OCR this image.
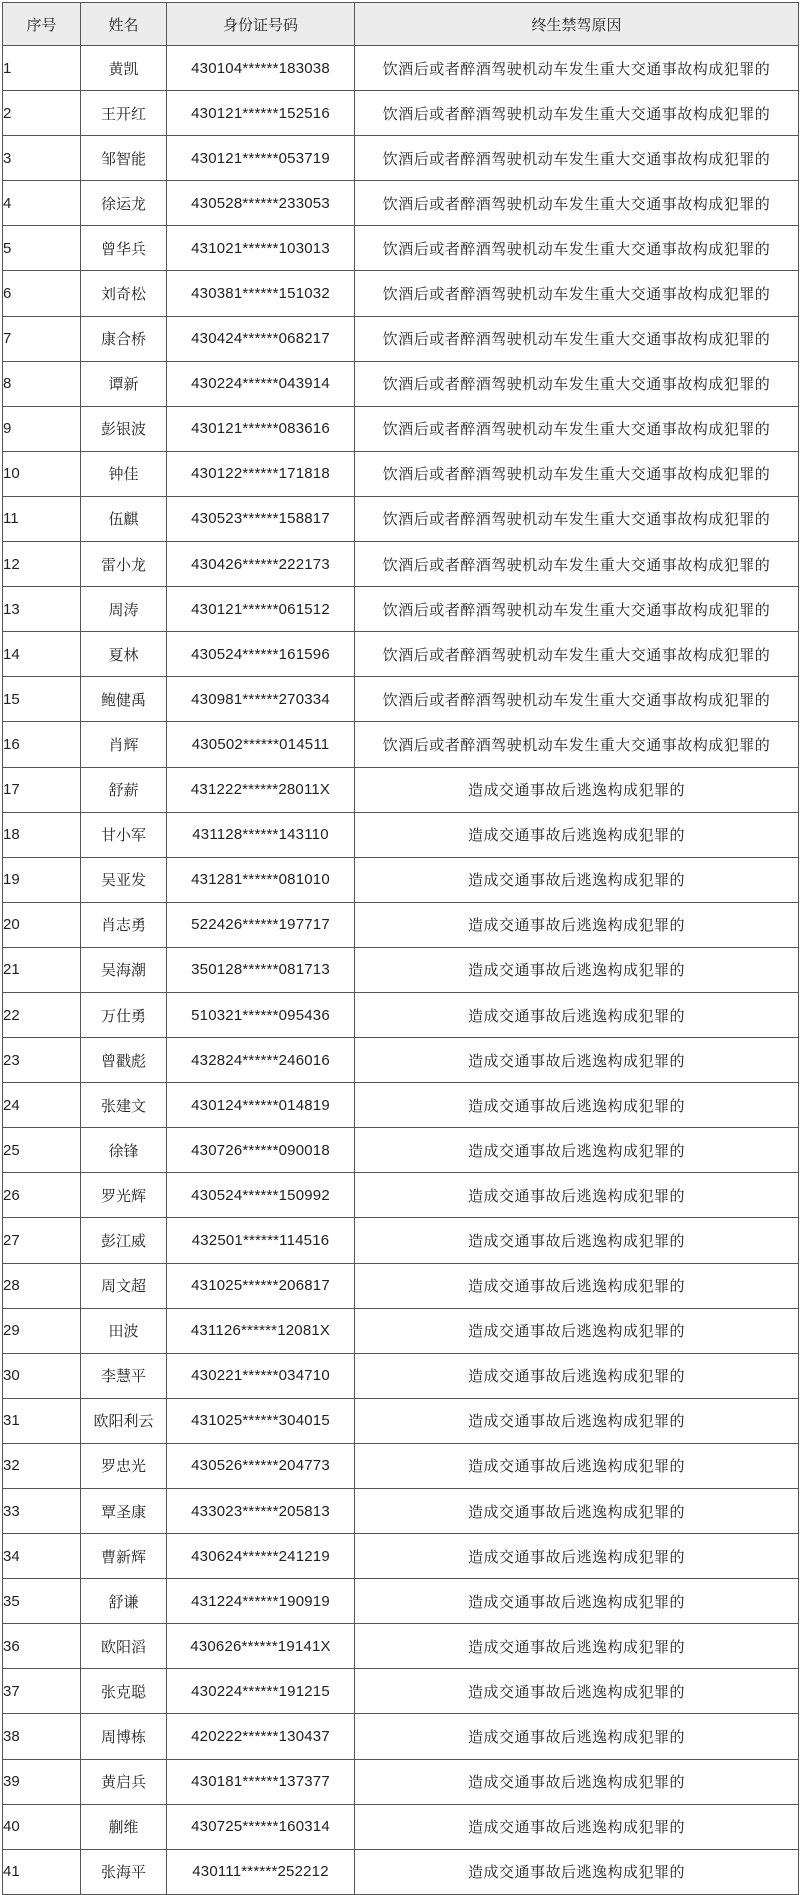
序号	姓名	身份证号码	终生禁驾原因
1	黄凯	430104******183038	饮酒后或者醉酒驾驶机动车发生重大交通事故构成犯罪的
2	王开红	430121******152516	饮酒后或者醉酒驾驶机动车发生重大交通事故构成犯罪的
3	邹智能	430121******053719	饮酒后或者醉酒驾驶机动车发生重大交通事故构成犯罪的
4	徐运龙	430528******233053	饮酒后或者醉酒驾驶机动车发生重大交通事故构成犯罪的
5	曾华兵	431021******103013	饮酒后或者醉酒驾驶机动车发生重大交通事故构成犯罪的
6	刘奇松	430381******151032	饮酒后或者醉酒驾驶机动车发生重大交通事故构成犯罪的
7	康合桥	430424******068217	饮酒后或者醉酒驾驶机动车发生重大交通事故构成犯罪的
8	谭新	430224******043914	饮酒后或者醉酒驾驶机动车发生重大交通事故构成犯罪的
9	彭银波	430121******083616	饮酒后或者醉酒驾驶机动车发生重大交通事故构成犯罪的
10	钟佳	430122******171818	饮酒后或者醉酒驾驶机动车发生重大交通事故构成犯罪的
11	伍麒	430523******158817	饮酒后或者醉酒驾驶机动车发生重大交通事故构成犯罪的
12	雷小龙	430426******222173	饮酒后或者醉酒驾驶机动车发生重大交通事故构成犯罪的
13	周涛	430121******061512	饮酒后或者醉酒驾驶机动车发生重大交通事故构成犯罪的
14	夏林	430524******161596	饮酒后或者醉酒驾驶机动车发生重大交通事故构成犯罪的
15	鲍健禹	430981******270334	饮酒后或者醉酒驾驶机动车发生重大交通事故构成犯罪的
16	肖辉	430502******014511	饮酒后或者醉酒驾驶机动车发生重大交通事故构成犯罪的
17	舒薪	431222******28011X	造成交通事故后逃逸构成犯罪的
18	甘小军	431128******143110	造成交通事故后逃逸构成犯罪的
19	吴亚发	431281******081010	造成交通事故后逃逸构成犯罪的
20	肖志勇	522426******197717	造成交通事故后逃逸构成犯罪的
21	吴海潮	350128******081713	造成交通事故后逃逸构成犯罪的
22	万仕勇	510321******095436	造成交通事故后逃逸构成犯罪的
23	曾戳彪	432824******246016	造成交通事故后逃逸构成犯罪的
24	张建文	430124******014819	造成交通事故后逃逸构成犯罪的
25	徐锋	430726******090018	造成交通事故后逃逸构成犯罪的
26	罗光辉	430524******150992	造成交通事故后逃逸构成犯罪的
27	彭江威	432501******114516	造成交通事故后逃逸构成犯罪的
28	周文超	431025******206817	造成交通事故后逃逸构成犯罪的
29	田波	431126******12081X	造成交通事故后逃逸构成犯罪的
30	李慧平	430221******034710	造成交通事故后逃逸构成犯罪的
31	欧阳利云	431025******304015	造成交通事故后逃逸构成犯罪的
32	罗忠光	430526******204773	造成交通事故后逃逸构成犯罪的
33	覃圣康	433023******205813	造成交通事故后逃逸构成犯罪的
34	曹新辉	430624******241219	造成交通事故后逃逸构成犯罪的
35	舒谦	431224******190919	造成交通事故后逃逸构成犯罪的
36	欧阳滔	430626******19141X	造成交通事故后逃逸构成犯罪的
37	张克聪	430224******191215	造成交通事故后逃逸构成犯罪的
38	周博栋	420222******130437	造成交通事故后逃逸构成犯罪的
39	黄启兵	430181******137377	造成交通事故后逃逸构成犯罪的
40	蒯维	430725******160314	造成交通事故后逃逸构成犯罪的
41	张海平	430111******252212	造成交通事故后逃逸构成犯罪的
